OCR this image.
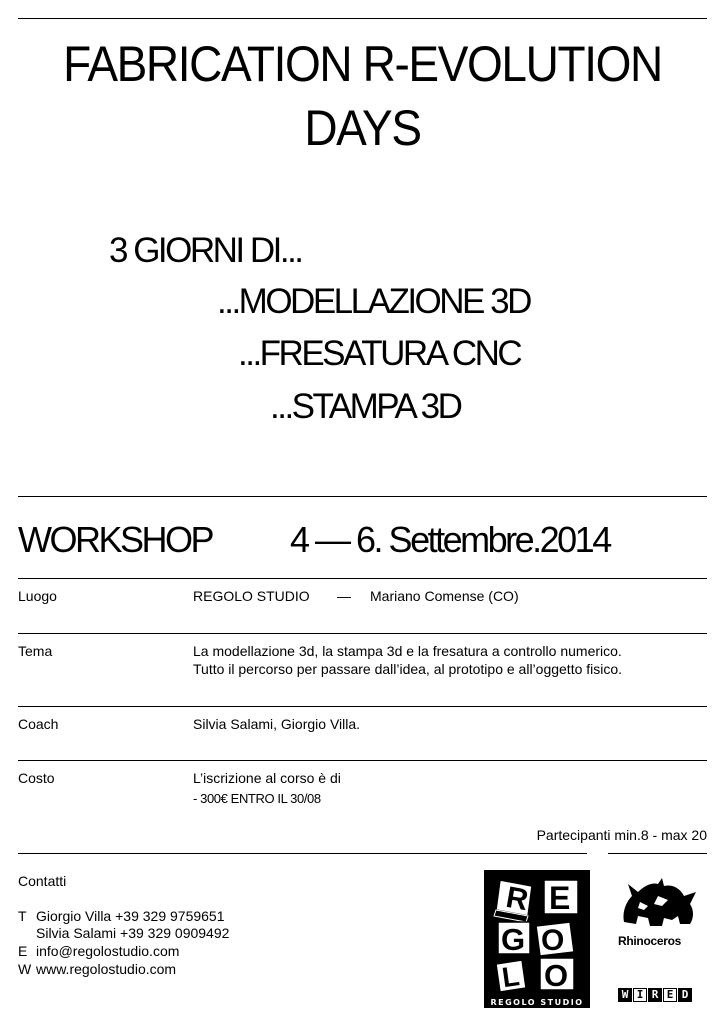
FABRICATION R-EVOLUTION
DAYS
3 GIORNI DI...
...MODELLAZIONE 3D
...FRESATURA CNC
...STAMPA 3D
WORKSHOP 4 — 6. Settembre.2014
Luogo	REGOLO STUDIO — Mariano Comense (CO)
Tema	La modellazione 3d, la stampa 3d e la fresatura a controllo numerico.
Tutto il percorso per passare dall’idea, al prototipo e all’oggetto fisico.
Coach	Silvia Salami, Giorgio Villa.
Costo	L’iscrizione al corso è di
- 300€ ENTRO IL 30/08
Partecipanti min.8 - max 20
Contatti
T Giorgio Villa +39 329 9759651
Silvia Salami +39 329 0909492
E info@regolostudio.com
W www.regolostudio.com
R E
G O
L O
REGOLO STUDIO
Rhinoceros
W I R E D
